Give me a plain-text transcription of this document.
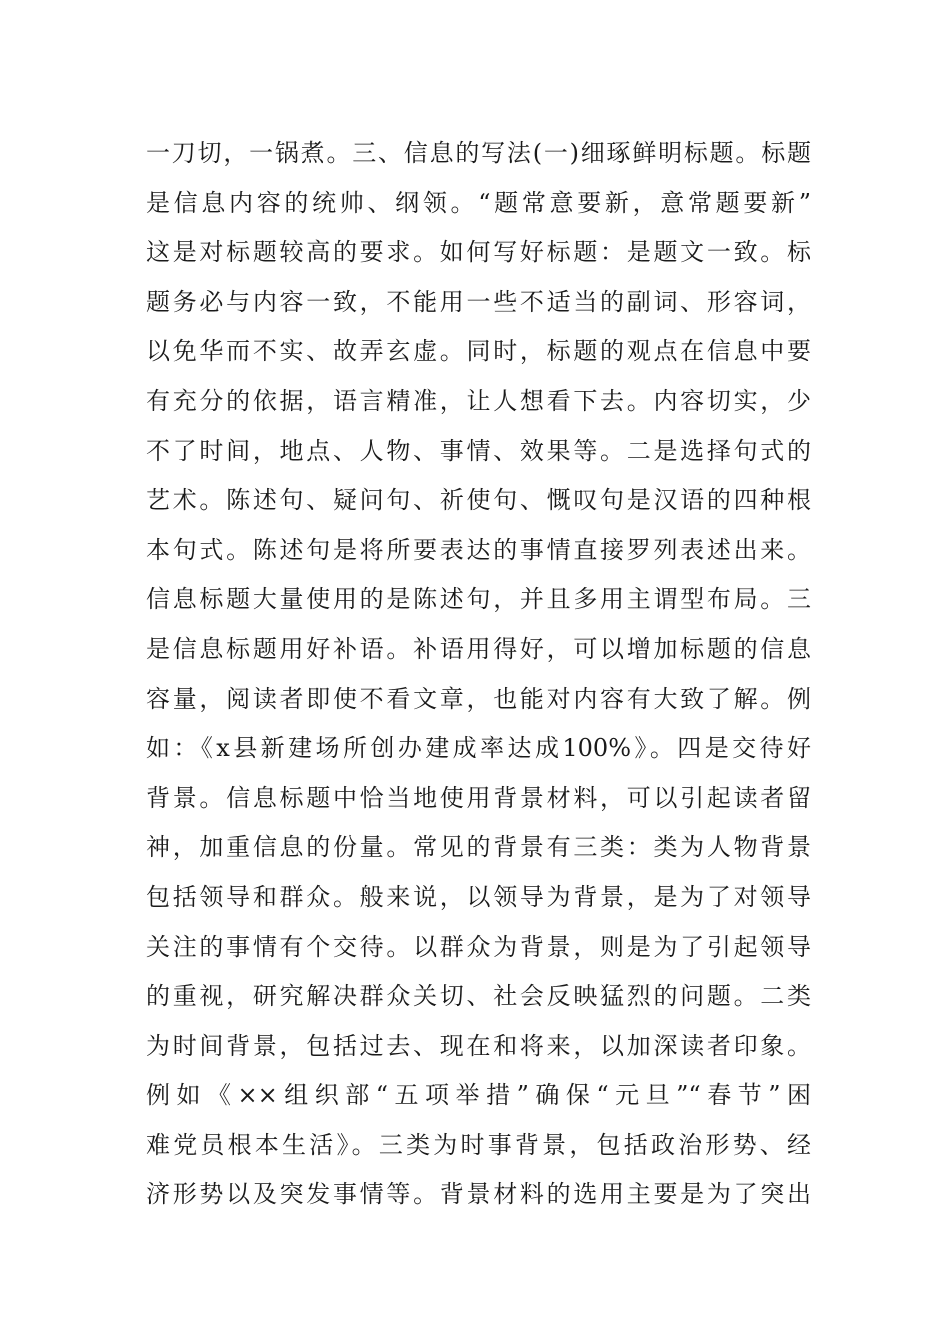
一刀切，一锅煮。三、信息的写法(一)细琢鲜明标题。标题
是信息内容的统帅、纲领。“题常意要新，意常题要新”
这是对标题较高的要求。如何写好标题：是题文一致。标
题务必与内容一致，不能用一些不适当的副词、形容词，
以免华而不实、故弄玄虚。同时，标题的观点在信息中要
有充分的依据，语言精准，让人想看下去。内容切实，少
不了时间，地点、人物、事情、效果等。二是选择句式的
艺术。陈述句、疑问句、祈使句、慨叹句是汉语的四种根
本句式。陈述句是将所要表达的事情直接罗列表述出来。
信息标题大量使用的是陈述句，并且多用主谓型布局。三
是信息标题用好补语。补语用得好，可以增加标题的信息
容量，阅读者即使不看文章，也能对内容有大致了解。例
如：《x县新建场所创办建成率达成100%》。四是交待好
背景。信息标题中恰当地使用背景材料，可以引起读者留
神，加重信息的份量。常见的背景有三类：类为人物背景
包括领导和群众。般来说，以领导为背景，是为了对领导
关注的事情有个交待。以群众为背景，则是为了引起领导
的重视，研究解决群众关切、社会反映猛烈的问题。二类
为时间背景，包括过去、现在和将来，以加深读者印象。
例如《××组织部“五项举措”确保“元旦”“春节”困
难党员根本生活》。三类为时事背景，包括政治形势、经
济形势以及突发事情等。背景材料的选用主要是为了突出
